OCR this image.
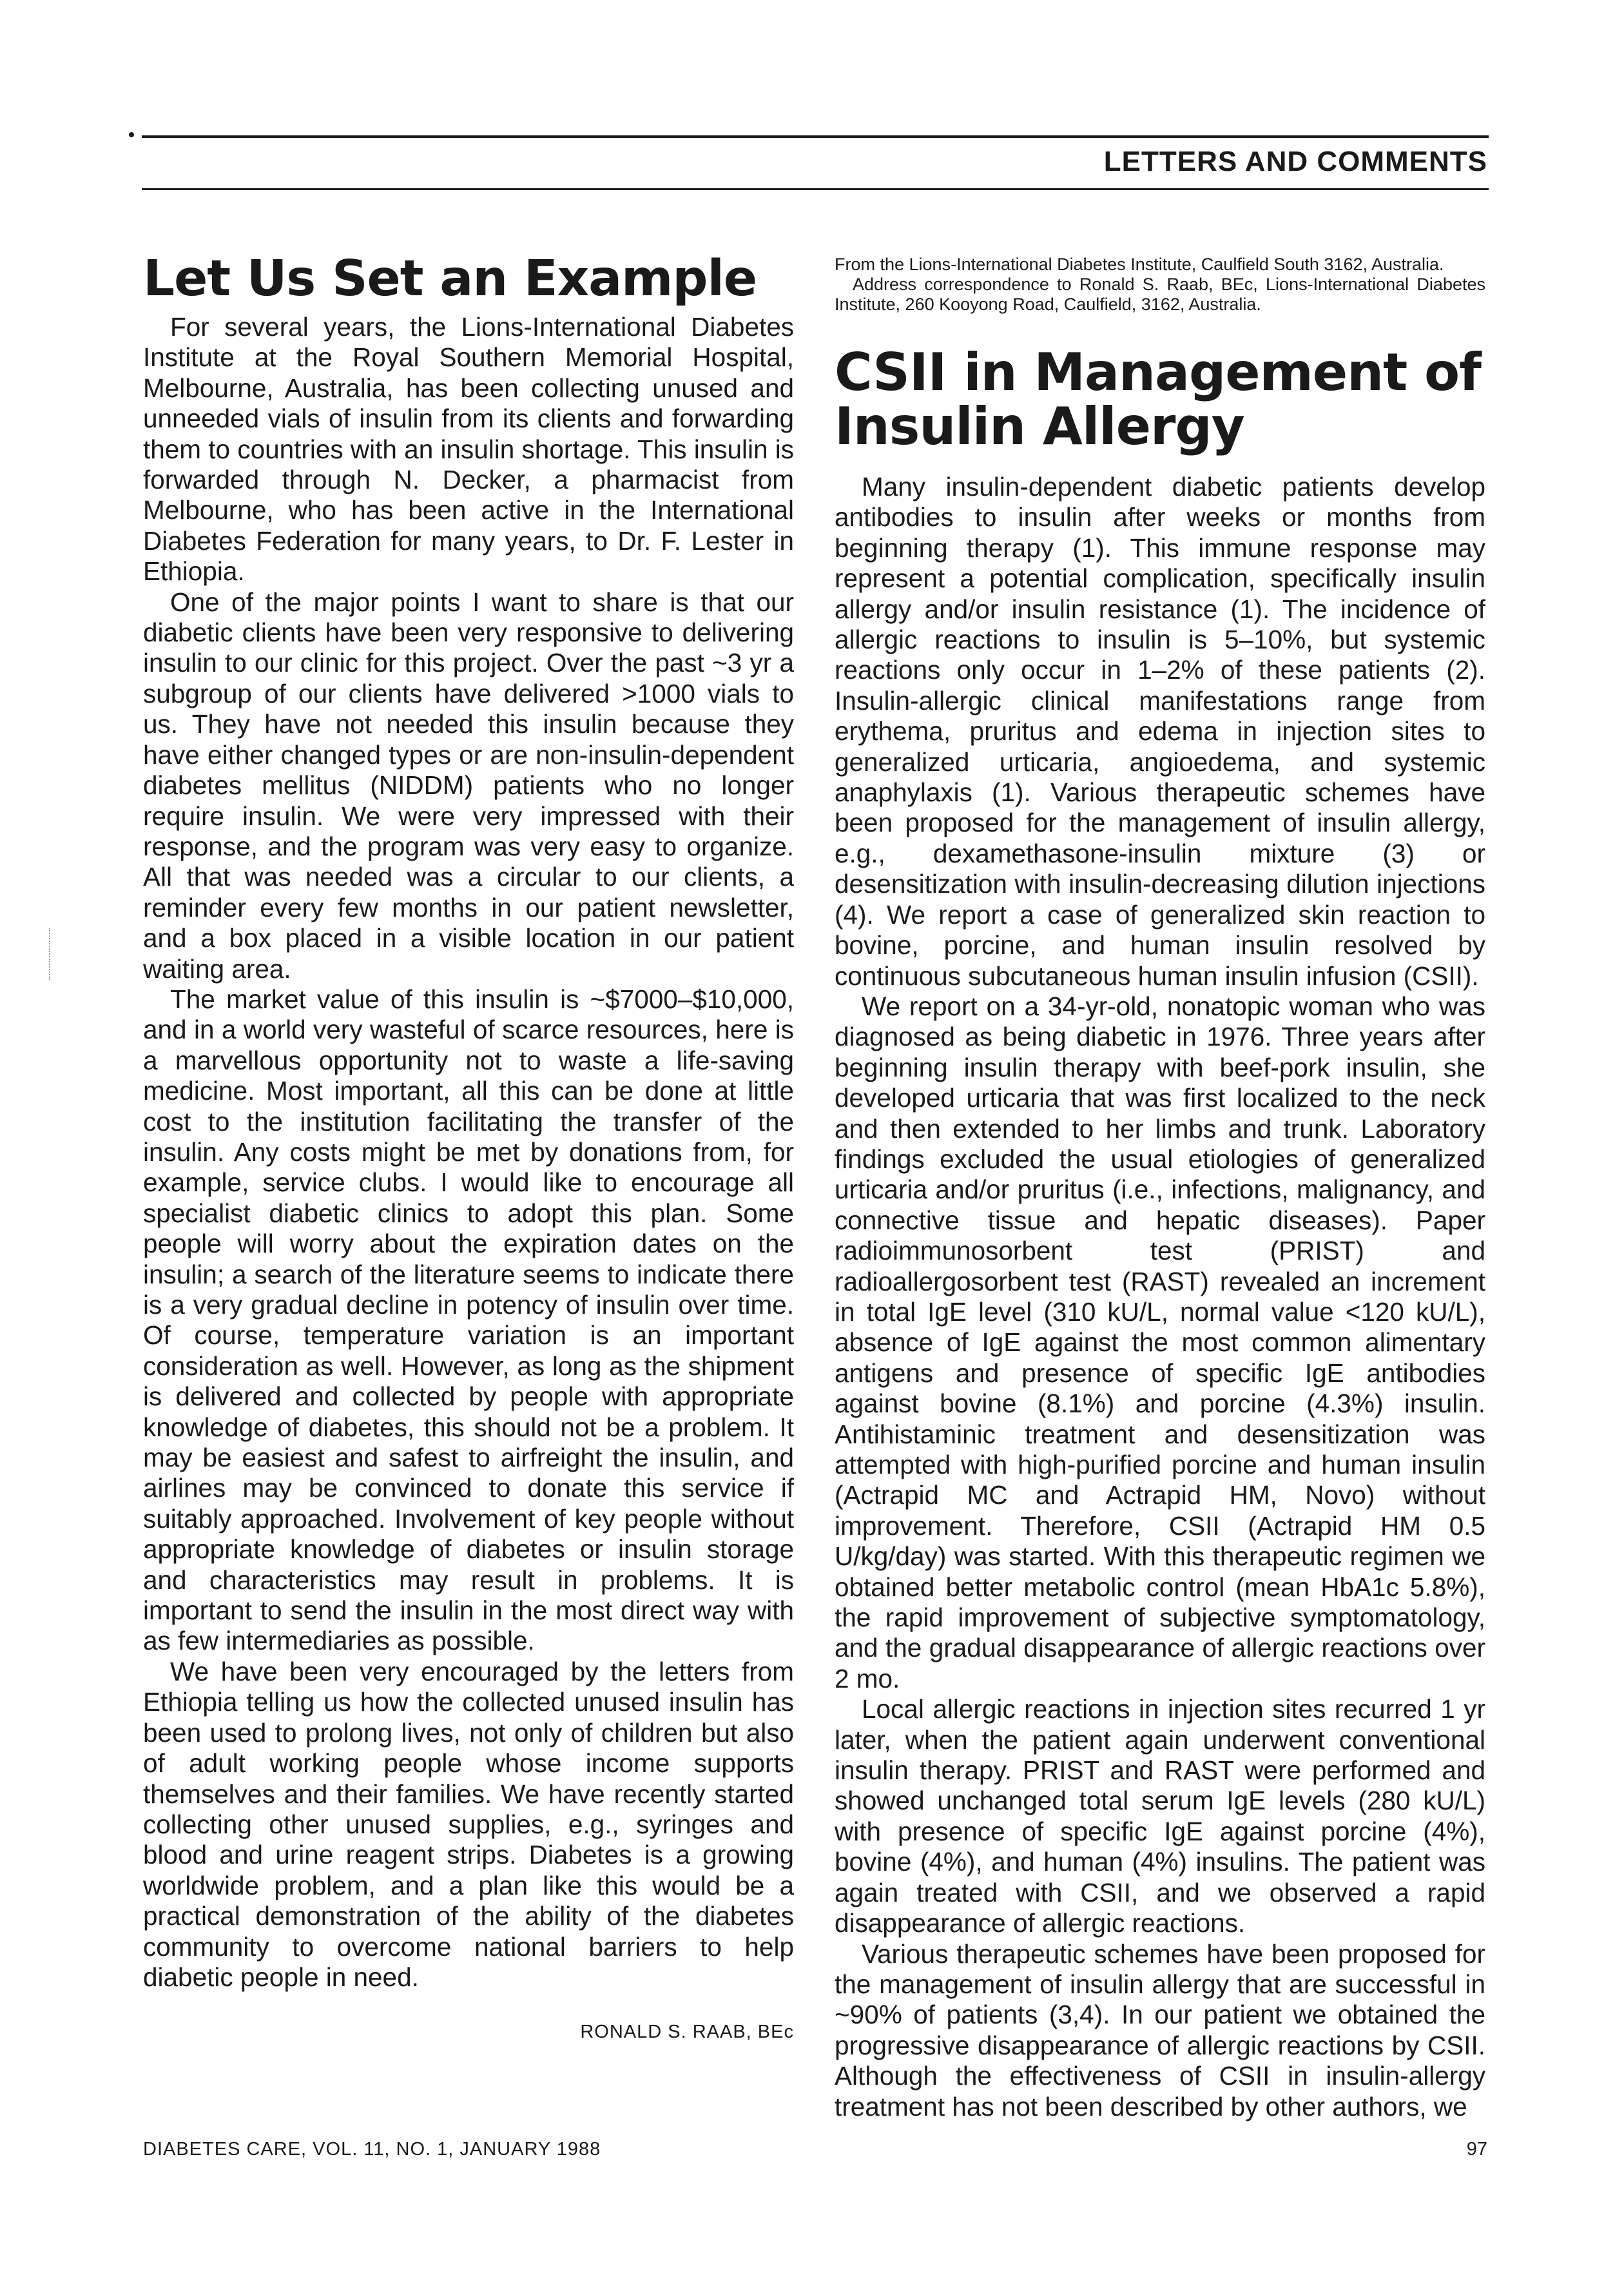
LETTERS AND COMMENTS
Let Us Set an Example

For several years, the Lions-International Diabetes Institute at the Royal Southern Memorial Hospital, Melbourne, Australia, has been collecting unused and unneeded vials of insulin from its clients and forwarding them to countries with an insulin shortage. This insulin is forwarded through N. Decker, a pharmacist from Melbourne, who has been active in the International Diabetes Federation for many years, to Dr. F. Lester in Ethiopia.

One of the major points I want to share is that our diabetic clients have been very responsive to delivering insulin to our clinic for this project. Over the past ~3 yr a subgroup of our clients have delivered >1000 vials to us. They have not needed this insulin because they have either changed types or are non-insulin-dependent diabetes mellitus (NIDDM) patients who no longer require insulin. We were very impressed with their response, and the program was very easy to organize. All that was needed was a circular to our clients, a reminder every few months in our patient newsletter, and a box placed in a visible location in our patient waiting area.

The market value of this insulin is ~$7000–$10,000, and in a world very wasteful of scarce resources, here is a marvellous opportunity not to waste a life-saving medicine. Most important, all this can be done at little cost to the institution facilitating the transfer of the insulin. Any costs might be met by donations from, for example, service clubs. I would like to encourage all specialist diabetic clinics to adopt this plan. Some people will worry about the expiration dates on the insulin; a search of the literature seems to indicate there is a very gradual decline in potency of insulin over time. Of course, temperature variation is an important consideration as well. However, as long as the shipment is delivered and collected by people with appropriate knowledge of diabetes, this should not be a problem. It may be easiest and safest to airfreight the insulin, and airlines may be convinced to donate this service if suitably approached. Involvement of key people without appropriate knowledge of diabetes or insulin storage and characteristics may result in problems. It is important to send the insulin in the most direct way with as few intermediaries as possible.

We have been very encouraged by the letters from Ethiopia telling us how the collected unused insulin has been used to prolong lives, not only of children but also of adult working people whose income supports themselves and their families. We have recently started collecting other unused supplies, e.g., syringes and blood and urine reagent strips. Diabetes is a growing worldwide problem, and a plan like this would be a practical demonstration of the ability of the diabetes community to overcome national barriers to help diabetic people in need.

RONALD S. RAAB, BEc

From the Lions-International Diabetes Institute, Caulfield South 3162, Australia.

Address correspondence to Ronald S. Raab, BEc, Lions-International Diabetes Institute, 260 Kooyong Road, Caulfield, 3162, Australia.

CSII in Management of Insulin Allergy

Many insulin-dependent diabetic patients develop antibodies to insulin after weeks or months from beginning therapy (1). This immune response may represent a potential complication, specifically insulin allergy and/or insulin resistance (1). The incidence of allergic reactions to insulin is 5–10%, but systemic reactions only occur in 1–2% of these patients (2). Insulin-allergic clinical manifestations range from erythema, pruritus and edema in injection sites to generalized urticaria, angioedema, and systemic anaphylaxis (1). Various therapeutic schemes have been proposed for the management of insulin allergy, e.g., dexamethasone-insulin mixture (3) or desensitization with insulin-decreasing dilution injections (4). We report a case of generalized skin reaction to bovine, porcine, and human insulin resolved by continuous subcutaneous human insulin infusion (CSII).

We report on a 34-yr-old, nonatopic woman who was diagnosed as being diabetic in 1976. Three years after beginning insulin therapy with beef-pork insulin, she developed urticaria that was first localized to the neck and then extended to her limbs and trunk. Laboratory findings excluded the usual etiologies of generalized urticaria and/or pruritus (i.e., infections, malignancy, and connective tissue and hepatic diseases). Paper radioimmunosorbent test (PRIST) and radioallergosorbent test (RAST) revealed an increment in total IgE level (310 kU/L, normal value <120 kU/L), absence of IgE against the most common alimentary antigens and presence of specific IgE antibodies against bovine (8.1%) and porcine (4.3%) insulin. Antihistaminic treatment and desensitization was attempted with high-purified porcine and human insulin (Actrapid MC and Actrapid HM, Novo) without improvement. Therefore, CSII (Actrapid HM 0.5 U/kg/day) was started. With this therapeutic regimen we obtained better metabolic control (mean HbA1c 5.8%), the rapid improvement of subjective symptomatology, and the gradual disappearance of allergic reactions over 2 mo.

Local allergic reactions in injection sites recurred 1 yr later, when the patient again underwent conventional insulin therapy. PRIST and RAST were performed and showed unchanged total serum IgE levels (280 kU/L) with presence of specific IgE against porcine (4%), bovine (4%), and human (4%) insulins. The patient was again treated with CSII, and we observed a rapid disappearance of allergic reactions.

Various therapeutic schemes have been proposed for the management of insulin allergy that are successful in ~90% of patients (3,4). In our patient we obtained the progressive disappearance of allergic reactions by CSII. Although the effectiveness of CSII in insulin-allergy treatment has not been described by other authors, we

DIABETES CARE, VOL. 11, NO. 1, JANUARY 1988	97
